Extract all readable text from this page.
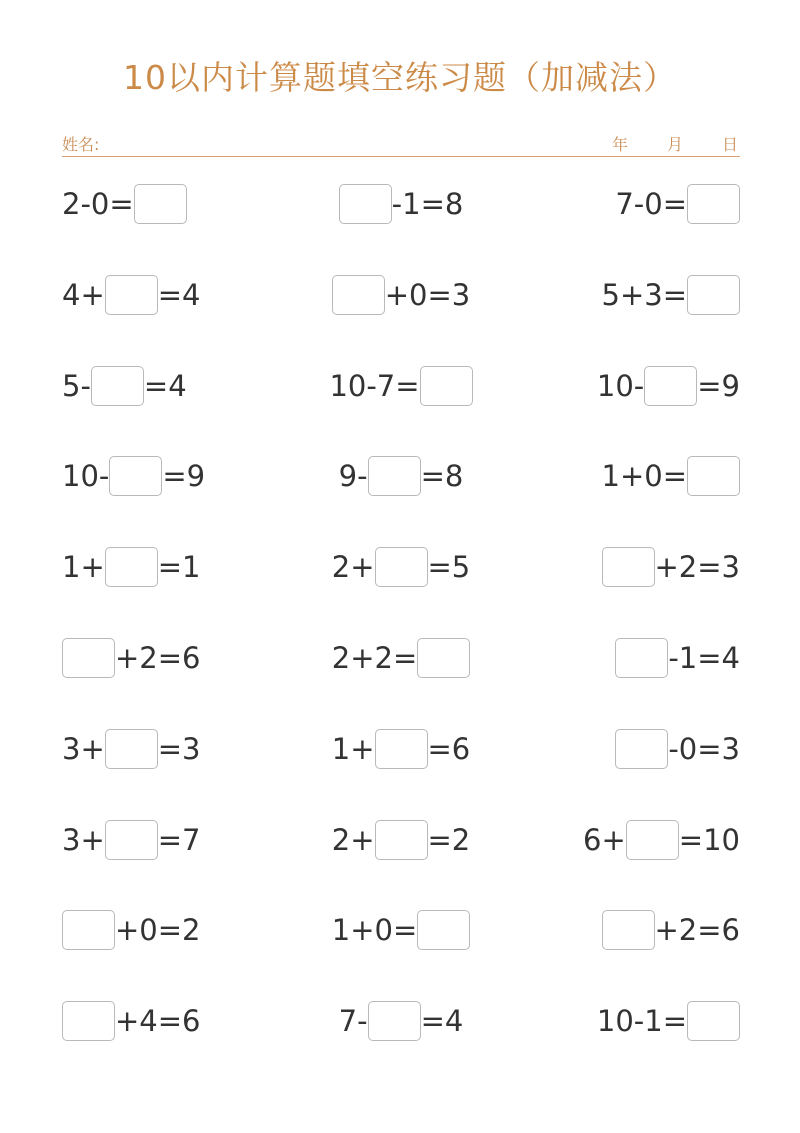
10以内计算题填空练习题（加减法）
姓名:	年 月 日
2-0=	-1=8	7-0=
4+ =4	+0=3	5+3=
5- =4	10-7=	10- =9
10- =9	9- =8	1+0=
1+ =1	2+ =5	+2=3
+2=6	2+2=	-1=4
3+ =3	1+ =6	-0=3
3+ =7	2+ =2	6+ =10
+0=2	1+0=	+2=6
+4=6	7- =4	10-1=
